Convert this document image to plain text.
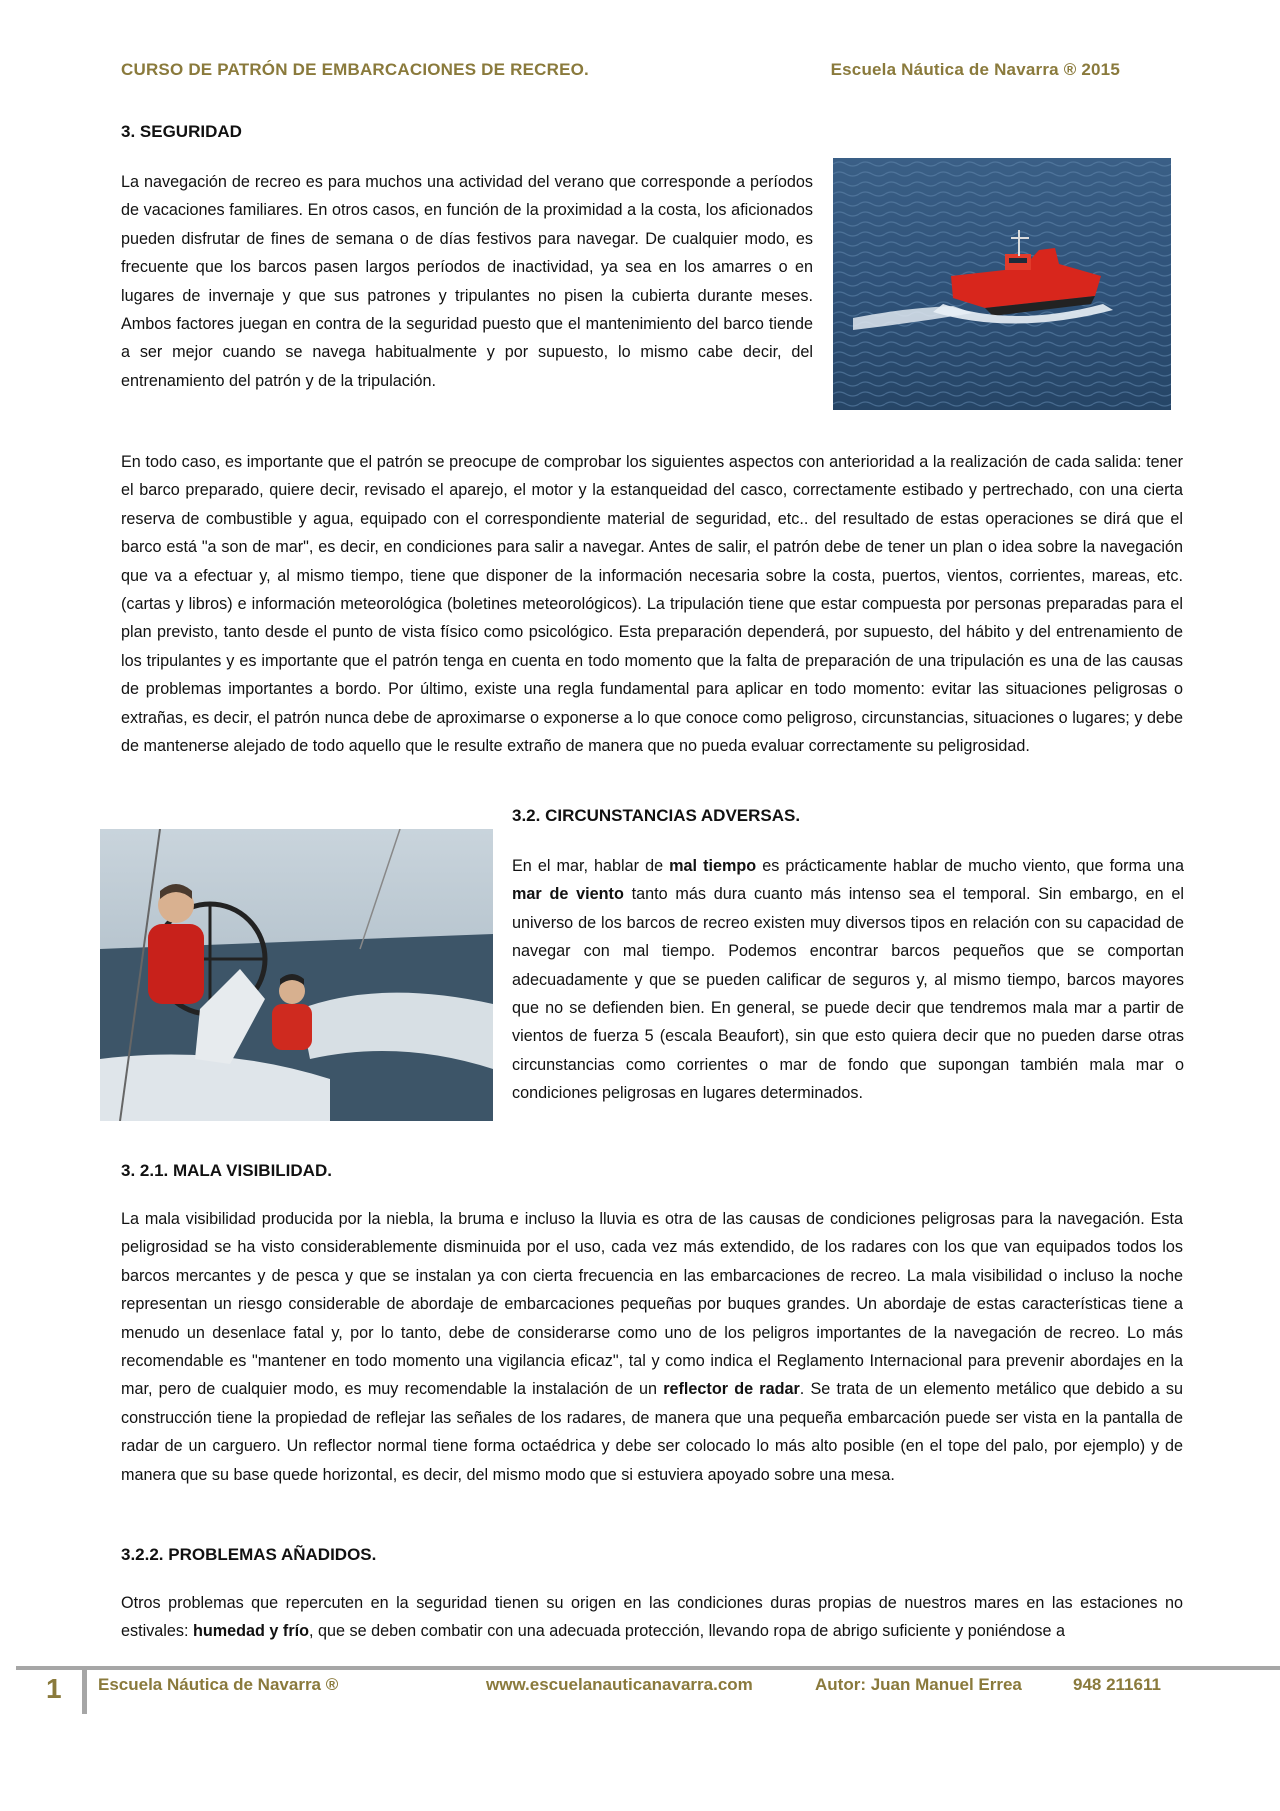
CURSO DE PATRÓN DE EMBARCACIONES DE RECREO.	Escuela Náutica de Navarra ® 2015
3. SEGURIDAD

La navegación de recreo es para muchos una actividad del verano que corresponde a períodos de vacaciones familiares. En otros casos, en función de la proximidad a la costa, los aficionados pueden disfrutar de fines de semana o de días festivos para navegar. De cualquier modo, es frecuente que los barcos pasen largos períodos de inactividad, ya sea en los amarres o en lugares de invernaje y que sus patrones y tripulantes no pisen la cubierta durante meses. Ambos factores juegan en contra de la seguridad puesto que el mantenimiento del barco tiende a ser mejor cuando se navega habitualmente y por supuesto, lo mismo cabe decir, del entrenamiento del patrón y de la tripulación.

En todo caso, es importante que el patrón se preocupe de comprobar los siguientes aspectos con anterioridad a la realización de cada salida: tener el barco preparado, quiere decir, revisado el aparejo, el motor y la estanqueidad del casco, correctamente estibado y pertrechado, con una cierta reserva de combustible y agua, equipado con el correspondiente material de seguridad, etc.. del resultado de estas operaciones se dirá que el barco está "a son de mar", es decir, en condiciones para salir a navegar. Antes de salir, el patrón debe de tener un plan o idea sobre la navegación que va a efectuar y, al mismo tiempo, tiene que disponer de la información necesaria sobre la costa, puertos, vientos, corrientes, mareas, etc. (cartas y libros) e información meteorológica (boletines meteorológicos). La tripulación tiene que estar compuesta por personas preparadas para el plan previsto, tanto desde el punto de vista físico como psicológico. Esta preparación dependerá, por supuesto, del hábito y del entrenamiento de los tripulantes y es importante que el patrón tenga en cuenta en todo momento que la falta de preparación de una tripulación es una de las causas de problemas importantes a bordo. Por último, existe una regla fundamental para aplicar en todo momento: evitar las situaciones peligrosas o extrañas, es decir, el patrón nunca debe de aproximarse o exponerse a lo que conoce como peligroso, circunstancias, situaciones o lugares; y debe de mantenerse alejado de todo aquello que le resulte extraño de manera que no pueda evaluar correctamente su peligrosidad.

3.2. CIRCUNSTANCIAS ADVERSAS.

En el mar, hablar de mal tiempo es prácticamente hablar de mucho viento, que forma una mar de viento tanto más dura cuanto más intenso sea el temporal. Sin embargo, en el universo de los barcos de recreo existen muy diversos tipos en relación con su capacidad de navegar con mal tiempo. Podemos encontrar barcos pequeños que se comportan adecuadamente y que se pueden calificar de seguros y, al mismo tiempo, barcos mayores que no se defienden bien. En general, se puede decir que tendremos mala mar a partir de vientos de fuerza 5 (escala Beaufort), sin que esto quiera decir que no pueden darse otras circunstancias como corrientes o mar de fondo que supongan también mala mar o condiciones peligrosas en lugares determinados.

3. 2.1. MALA VISIBILIDAD.

La mala visibilidad producida por la niebla, la bruma e incluso la lluvia es otra de las causas de condiciones peligrosas para la navegación. Esta peligrosidad se ha visto considerablemente disminuida por el uso, cada vez más extendido, de los radares con los que van equipados todos los barcos mercantes y de pesca y que se instalan ya con cierta frecuencia en las embarcaciones de recreo. La mala visibilidad o incluso la noche representan un riesgo considerable de abordaje de embarcaciones pequeñas por buques grandes. Un abordaje de estas características tiene a menudo un desenlace fatal y, por lo tanto, debe de considerarse como uno de los peligros importantes de la navegación de recreo. Lo más recomendable es "mantener en todo momento una vigilancia eficaz", tal y como indica el Reglamento Internacional para prevenir abordajes en la mar, pero de cualquier modo, es muy recomendable la instalación de un reflector de radar. Se trata de un elemento metálico que debido a su construcción tiene la propiedad de reflejar las señales de los radares, de manera que una pequeña embarcación puede ser vista en la pantalla de radar de un carguero. Un reflector normal tiene forma octaédrica y debe ser colocado lo más alto posible (en el tope del palo, por ejemplo) y de manera que su base quede horizontal, es decir, del mismo modo que si estuviera apoyado sobre una mesa.

3.2.2. PROBLEMAS AÑADIDOS.

Otros problemas que repercuten en la seguridad tienen su origen en las condiciones duras propias de nuestros mares en las estaciones no estivales: humedad y frío, que se deben combatir con una adecuada protección, llevando ropa de abrigo suficiente y poniéndose a

1 Escuela Náutica de Navarra ®	www.escuelanauticanavarra.com	Autor: Juan Manuel Errea	948 211611
